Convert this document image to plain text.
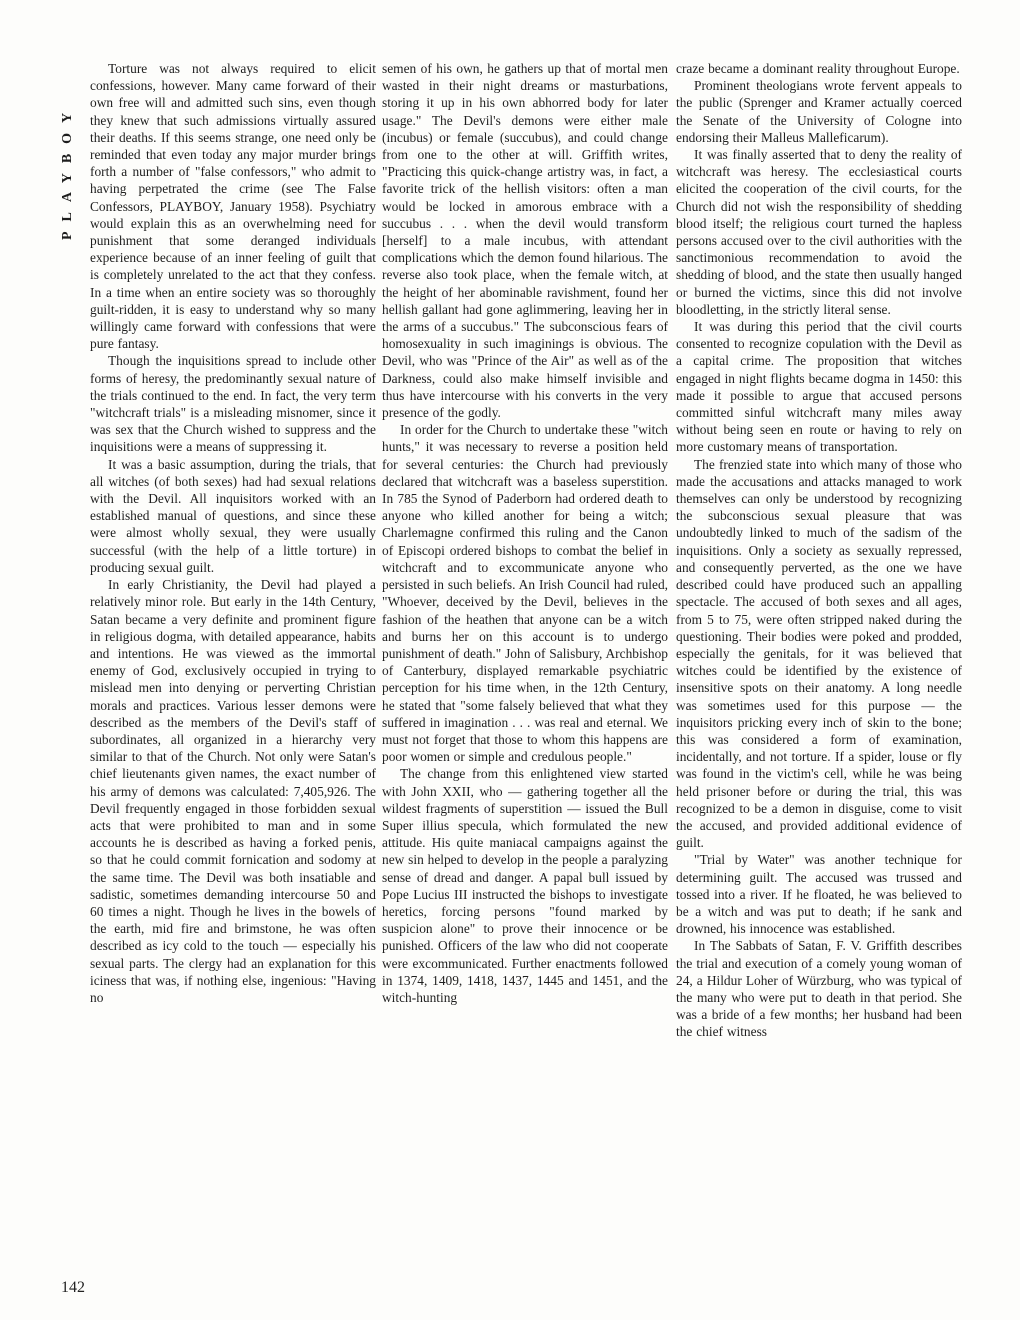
PLAYBOY

Torture was not always required to elicit confessions, however. Many came forward of their own free will and admitted such sins, even though they knew that such admissions virtually assured their deaths. If this seems strange, one need only be reminded that even today any major murder brings forth a number of "false confessors," who admit to having perpetrated the crime (see The False Confessors, PLAYBOY, January 1958). Psychiatry would explain this as an overwhelming need for punishment that some deranged individuals experience because of an inner feeling of guilt that is completely unrelated to the act that they confess. In a time when an entire society was so thoroughly guilt-ridden, it is easy to understand why so many willingly came forward with confessions that were pure fantasy.

Though the inquisitions spread to include other forms of heresy, the predominantly sexual nature of the trials continued to the end. In fact, the very term "witchcraft trials" is a misleading misnomer, since it was sex that the Church wished to suppress and the inquisitions were a means of suppressing it.

It was a basic assumption, during the trials, that all witches (of both sexes) had had sexual relations with the Devil. All inquisitors worked with an established manual of questions, and since these were almost wholly sexual, they were usually successful (with the help of a little torture) in producing sexual guilt.

In early Christianity, the Devil had played a relatively minor role. But early in the 14th Century, Satan became a very definite and prominent figure in religious dogma, with detailed appearance, habits and intentions. He was viewed as the immortal enemy of God, exclusively occupied in trying to mislead men into denying or perverting Christian morals and practices. Various lesser demons were described as the members of the Devil's staff of subordinates, all organized in a hierarchy very similar to that of the Church. Not only were Satan's chief lieutenants given names, the exact number of his army of demons was calculated: 7,405,926. The Devil frequently engaged in those forbidden sexual acts that were prohibited to man and in some accounts he is described as having a forked penis, so that he could commit fornication and sodomy at the same time. The Devil was both insatiable and sadistic, sometimes demanding intercourse 50 and 60 times a night. Though he lives in the bowels of the earth, mid fire and brimstone, he was often described as icy cold to the touch — especially his sexual parts. The clergy had an explanation for this iciness that was, if nothing else, ingenious: "Having no

semen of his own, he gathers up that of mortal men wasted in their night dreams or masturbations, storing it up in his own abhorred body for later usage." The Devil's demons were either male (incubus) or female (succubus), and could change from one to the other at will. Griffith writes, "Practicing this quick-change artistry was, in fact, a favorite trick of the hellish visitors: often a man would be locked in amorous embrace with a succubus . . . when the devil would transform [herself] to a male incubus, with attendant complications which the demon found hilarious. The reverse also took place, when the female witch, at the height of her abominable ravishment, found her hellish gallant had gone aglimmering, leaving her in the arms of a succubus." The subconscious fears of homosexuality in such imaginings is obvious. The Devil, who was "Prince of the Air" as well as of the Darkness, could also make himself invisible and thus have intercourse with his converts in the very presence of the godly.

In order for the Church to undertake these "witch hunts," it was necessary to reverse a position held for several centuries: the Church had previously declared that witchcraft was a baseless superstition. In 785 the Synod of Paderborn had ordered death to anyone who killed another for being a witch; Charlemagne confirmed this ruling and the Canon of Episcopi ordered bishops to combat the belief in witchcraft and to excommunicate anyone who persisted in such beliefs. An Irish Council had ruled, "Whoever, deceived by the Devil, believes in the fashion of the heathen that anyone can be a witch and burns her on this account is to undergo punishment of death." John of Salisbury, Archbishop of Canterbury, displayed remarkable psychiatric perception for his time when, in the 12th Century, he stated that "some falsely believed that what they suffered in imagination . . . was real and eternal. We must not forget that those to whom this happens are poor women or simple and credulous people."

The change from this enlightened view started with John XXII, who — gathering together all the wildest fragments of superstition — issued the Bull Super illius specula, which formulated the new attitude. His quite maniacal campaigns against the new sin helped to develop in the people a paralyzing sense of dread and danger. A papal bull issued by Pope Lucius III instructed the bishops to investigate heretics, forcing persons "found marked by suspicion alone" to prove their innocence or be punished. Officers of the law who did not cooperate were excommunicated. Further enactments followed in 1374, 1409, 1418, 1437, 1445 and 1451, and the witch-hunting

craze became a dominant reality throughout Europe.

Prominent theologians wrote fervent appeals to the public (Sprenger and Kramer actually coerced the Senate of the University of Cologne into endorsing their Malleus Malleficarum).

It was finally asserted that to deny the reality of witchcraft was heresy. The ecclesiastical courts elicited the cooperation of the civil courts, for the Church did not wish the responsibility of shedding blood itself; the religious court turned the hapless persons accused over to the civil authorities with the sanctimonious recommendation to avoid the shedding of blood, and the state then usually hanged or burned the victims, since this did not involve bloodletting, in the strictly literal sense.

It was during this period that the civil courts consented to recognize copulation with the Devil as a capital crime. The proposition that witches engaged in night flights became dogma in 1450: this made it possible to argue that accused persons committed sinful witchcraft many miles away without being seen en route or having to rely on more customary means of transportation.

The frenzied state into which many of those who made the accusations and attacks managed to work themselves can only be understood by recognizing the subconscious sexual pleasure that was undoubtedly linked to much of the sadism of the inquisitions. Only a society as sexually repressed, and consequently perverted, as the one we have described could have produced such an appalling spectacle. The accused of both sexes and all ages, from 5 to 75, were often stripped naked during the questioning. Their bodies were poked and prodded, especially the genitals, for it was believed that witches could be identified by the existence of insensitive spots on their anatomy. A long needle was sometimes used for this purpose — the inquisitors pricking every inch of skin to the bone; this was considered a form of examination, incidentally, and not torture. If a spider, louse or fly was found in the victim's cell, while he was being held prisoner before or during the trial, this was recognized to be a demon in disguise, come to visit the accused, and provided additional evidence of guilt.

"Trial by Water" was another technique for determining guilt. The accused was trussed and tossed into a river. If he floated, he was believed to be a witch and was put to death; if he sank and drowned, his innocence was established.

In The Sabbats of Satan, F. V. Griffith describes the trial and execution of a comely young woman of 24, a Hildur Loher of Würzburg, who was typical of the many who were put to death in that period. She was a bride of a few months; her husband had been the chief witness

142
